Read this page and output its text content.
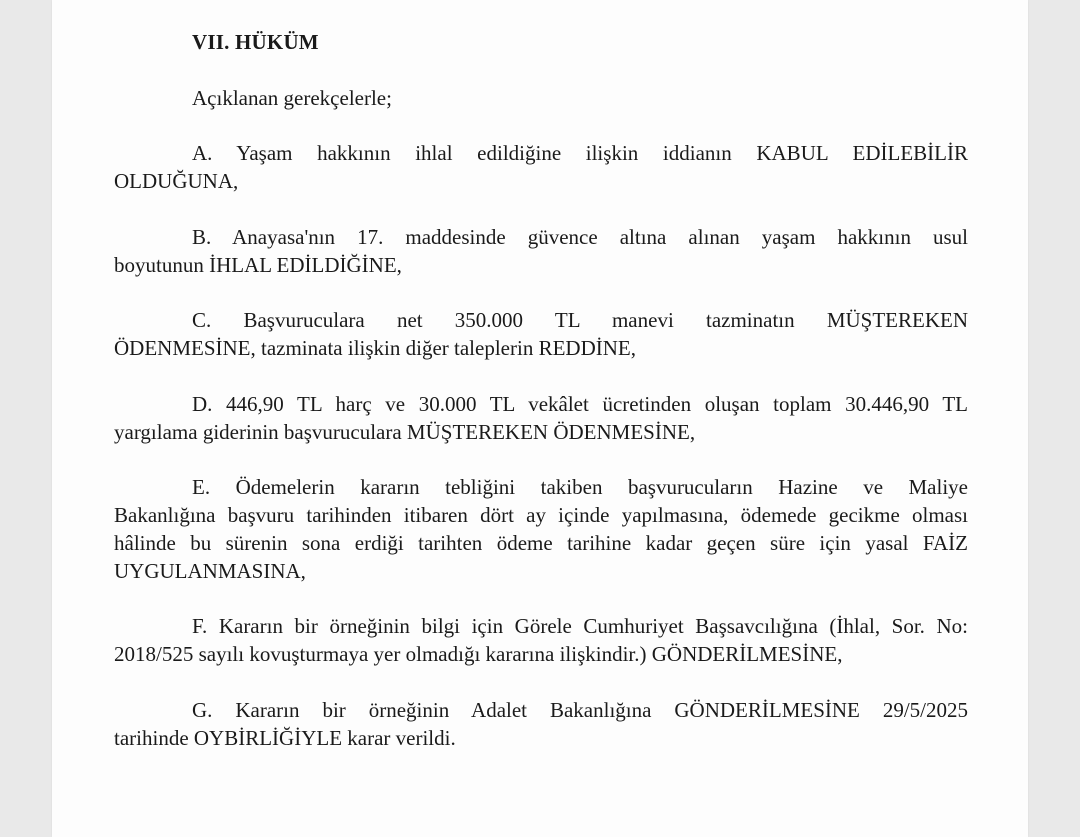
VII. HÜKÜM
Açıklanan gerekçelerle;
A. Yaşam hakkının ihlal edildiğine ilişkin iddianın KABUL EDİLEBİLİR
OLDUĞUNA,
B. Anayasa'nın 17. maddesinde güvence altına alınan yaşam hakkının usul
boyutunun İHLAL EDİLDİĞİNE,
C. Başvuruculara net 350.000 TL manevi tazminatın MÜŞTEREKEN
ÖDENMESİNE, tazminata ilişkin diğer taleplerin REDDİNE,
D. 446,90 TL harç ve 30.000 TL vekâlet ücretinden oluşan toplam 30.446,90 TL
yargılama giderinin başvuruculara MÜŞTEREKEN ÖDENMESİNE,
E. Ödemelerin kararın tebliğini takiben başvurucuların Hazine ve Maliye
Bakanlığına başvuru tarihinden itibaren dört ay içinde yapılmasına, ödemede gecikme olması
hâlinde bu sürenin sona erdiği tarihten ödeme tarihine kadar geçen süre için yasal FAİZ
UYGULANMASINA,
F. Kararın bir örneğinin bilgi için Görele Cumhuriyet Başsavcılığına (İhlal, Sor. No:
2018/525 sayılı kovuşturmaya yer olmadığı kararına ilişkindir.) GÖNDERİLMESİNE,
G. Kararın bir örneğinin Adalet Bakanlığına GÖNDERİLMESİNE 29/5/2025
tarihinde OYBİRLİĞİYLE karar verildi.
